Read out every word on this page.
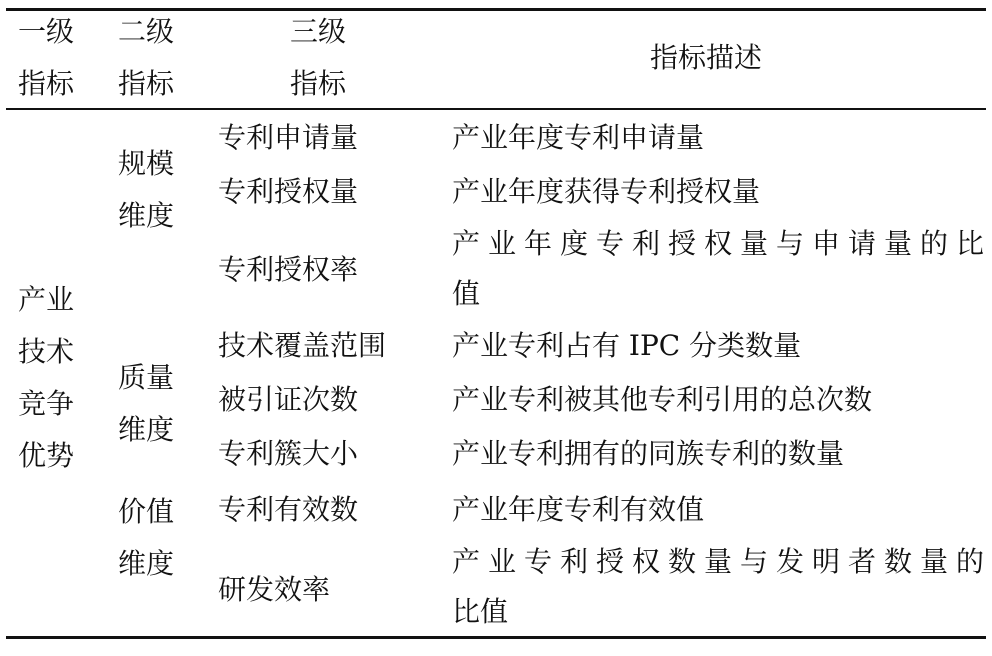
一级
指标
二级
指标
三级
指标
指标描述
产业
技术
竞争
优势
规模
维度
质量
维度
价值
维度
专利申请量
专利授权量
专利授权率
技术覆盖范围
被引证次数
专利簇大小
专利有效数
研发效率
产业年度专利申请量
产业年度获得专利授权量
产业年度专利授权量与申请量的比
值
产业专利占有 IPC 分类数量
产业专利被其他专利引用的总次数
产业专利拥有的同族专利的数量
产业年度专利有效值
产业专利授权数量与发明者数量的
比值
